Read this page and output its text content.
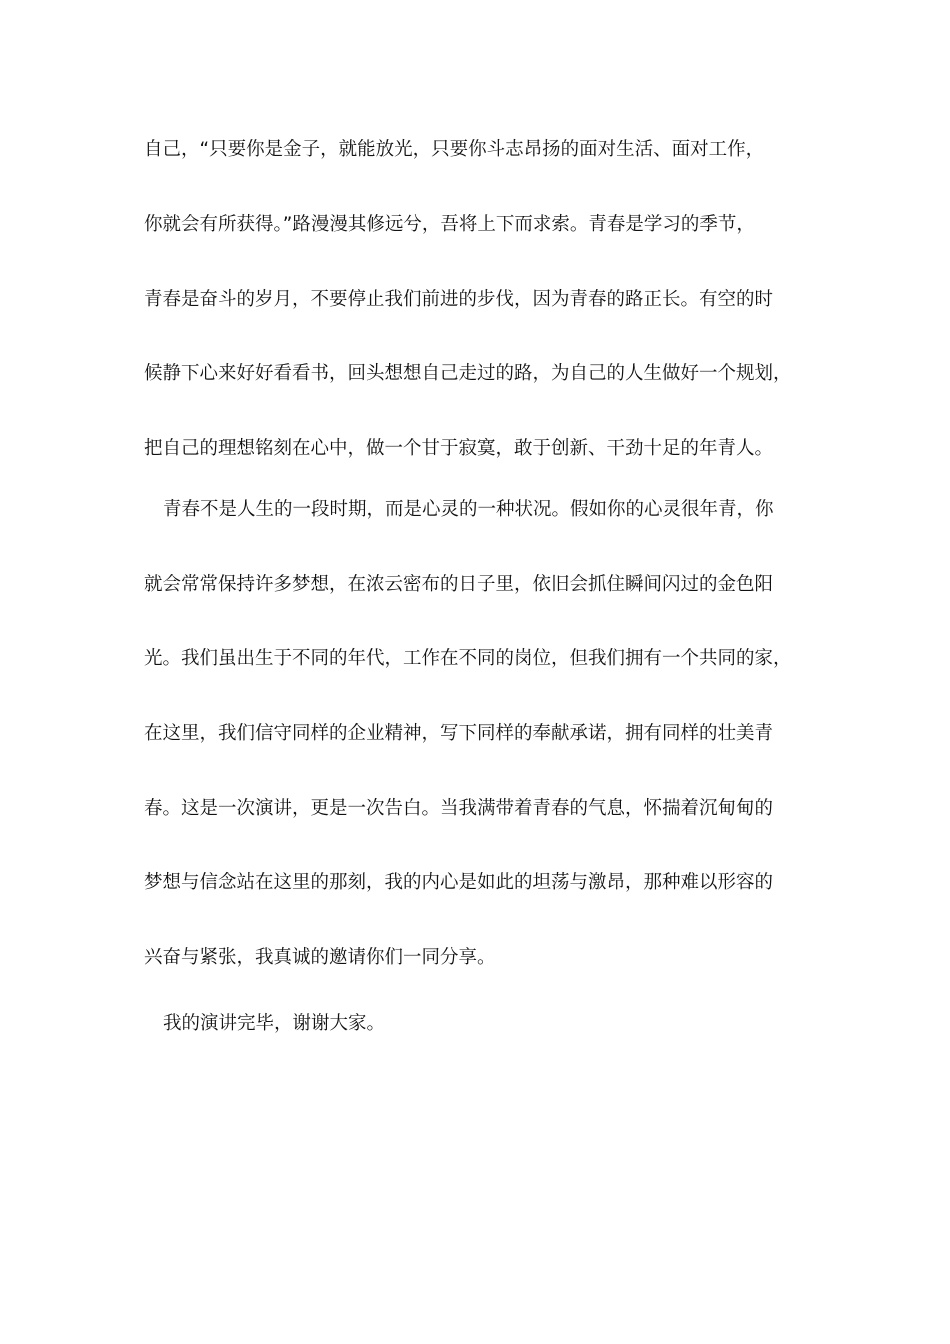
自己，“只要你是金子，就能放光，只要你斗志昂扬的面对生活、面对工作，
你就会有所获得。”路漫漫其修远兮，吾将上下而求索。青春是学习的季节，
青春是奋斗的岁月，不要停止我们前进的步伐，因为青春的路正长。有空的时
候静下心来好好看看书，回头想想自己走过的路，为自己的人生做好一个规划，
把自己的理想铭刻在心中，做一个甘于寂寞，敢于创新、干劲十足的年青人。
青春不是人生的一段时期，而是心灵的一种状况。假如你的心灵很年青，你
就会常常保持许多梦想，在浓云密布的日子里，依旧会抓住瞬间闪过的金色阳
光。我们虽出生于不同的年代，工作在不同的岗位，但我们拥有一个共同的家，
在这里，我们信守同样的企业精神，写下同样的奉献承诺，拥有同样的壮美青
春。这是一次演讲，更是一次告白。当我满带着青春的气息，怀揣着沉甸甸的
梦想与信念站在这里的那刻，我的内心是如此的坦荡与激昂，那种难以形容的
兴奋与紧张，我真诚的邀请你们一同分享。
我的演讲完毕，谢谢大家。
